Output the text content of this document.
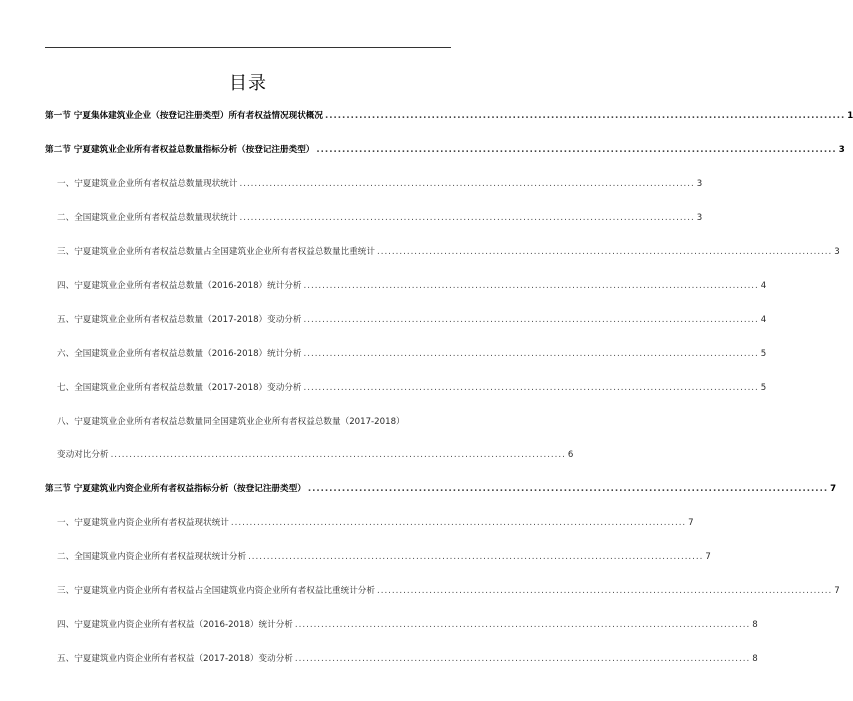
目录
第一节 宁夏集体建筑业企业（按登记注册类型）所有者权益情况现状概况 .......................................................................................................................... 1
第二节 宁夏建筑业企业所有者权益总数量指标分析（按登记注册类型） .......................................................................................................................... 3
一、宁夏建筑业企业所有者权益总数量现状统计 .......................................................................................................................... 3
二、全国建筑业企业所有者权益总数量现状统计 .......................................................................................................................... 3
三、宁夏建筑业企业所有者权益总数量占全国建筑业企业所有者权益总数量比重统计 .......................................................................................................................... 3
四、宁夏建筑业企业所有者权益总数量（2016-2018）统计分析 .......................................................................................................................... 4
五、宁夏建筑业企业所有者权益总数量（2017-2018）变动分析 .......................................................................................................................... 4
六、全国建筑业企业所有者权益总数量（2016-2018）统计分析 .......................................................................................................................... 5
七、全国建筑业企业所有者权益总数量（2017-2018）变动分析 .......................................................................................................................... 5
八、宁夏建筑业企业所有者权益总数量同全国建筑业企业所有者权益总数量（2017-2018）
变动对比分析 .......................................................................................................................... 6
第三节 宁夏建筑业内资企业所有者权益指标分析（按登记注册类型） .......................................................................................................................... 7
一、宁夏建筑业内资企业所有者权益现状统计 .......................................................................................................................... 7
二、全国建筑业内资企业所有者权益现状统计分析 .......................................................................................................................... 7
三、宁夏建筑业内资企业所有者权益占全国建筑业内资企业所有者权益比重统计分析 .......................................................................................................................... 7
四、宁夏建筑业内资企业所有者权益（2016-2018）统计分析 .......................................................................................................................... 8
五、宁夏建筑业内资企业所有者权益（2017-2018）变动分析 .......................................................................................................................... 8
